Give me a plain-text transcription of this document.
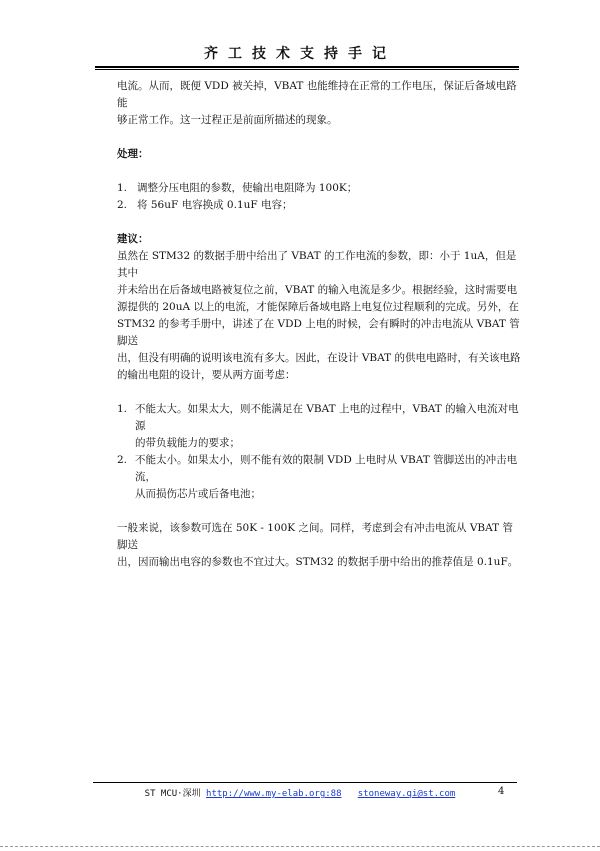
齐工技术支持手记

电流。从而，既便 VDD 被关掉，VBAT 也能维持在正常的工作电压，保证后备域电路能

够正常工作。这一过程正是前面所描述的现象。

处理：

1. 调整分压电阻的参数，使输出电阻降为 100K；

2. 将 56uF 电容换成 0.1uF 电容；

建议：

虽然在 STM32 的数据手册中给出了 VBAT 的工作电流的参数，即：小于 1uA，但是其中

并未给出在后备域电路被复位之前，VBAT 的输入电流是多少。根据经验，这时需要电

源提供的 20uA 以上的电流，才能保障后备域电路上电复位过程顺利的完成。另外，在

STM32 的参考手册中，讲述了在 VDD 上电的时候，会有瞬时的冲击电流从 VBAT 管脚送

出，但没有明确的说明该电流有多大。因此，在设计 VBAT 的供电电路时，有关该电路

的输出电阻的设计，要从两方面考虑：

1. 不能太大。如果太大，则不能满足在 VBAT 上电的过程中，VBAT 的输入电流对电源

的带负载能力的要求；

2. 不能太小。如果太小，则不能有效的限制 VDD 上电时从 VBAT 管脚送出的冲击电流，

从而损伤芯片或后备电池；

一般来说，该参数可选在 50K - 100K 之间。同样，考虑到会有冲击电流从 VBAT 管脚送

出，因而输出电容的参数也不宜过大。STM32 的数据手册中给出的推荐值是 0.1uF。

ST MCU·深圳 http://www.my-elab.org:88 stoneway.qi@st.com	4
